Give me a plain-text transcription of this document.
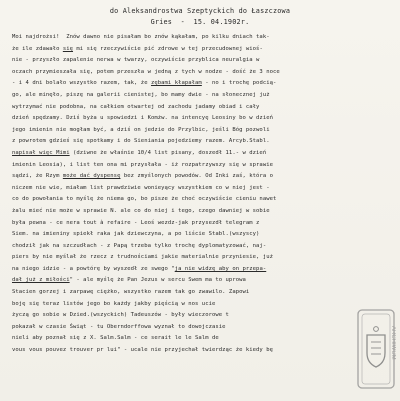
do Aleksandrostwa Szeptyckich do Łaszczowa
Gries  -  15. 04.1902r.
Moi najdrożsi!  Znów dawno nie pisałam bo znów kąkałam, po kilku dniach tak-
że ile zdawało się mi się rzeczywiście pić zdrowe w tej przecudownej wioś-
nie - przyszło zapalenie nerwa w twarzy, oczywiście przyblica neuralgia w
oczach przymieszała się, potem przeszła w jedną z tych w nodze - dość że 3 noce
- i 4 dni bolało wszystko razem, tak, że zębami kłapałam - no i trochę podcią-
go, ale minęło, piszę na galerii cienistej, bo mamy dwie - na słonecznej już
wytrzymać nie podobna, na całkiem otwartej od zachodu jadamy obiad i cały
dzień spędzamy. Dziś byża u spowiedzi i Komżw. na intencyę Leosiny bo w dzień
jego imienin nie mogłam być, a dziś on jedzie do Przylbic, jeśli Bóg pozwoli
z powrotem gdzieś się spotkamy i do Sieniania pojedziemy razem. Arcyb.Stabl.
napisał więc Mimi (dziwne że właśnie 10/4 list pisany, doszedł 11.- w dzień
imienin Leosia), i list ten ona mi przysłała - iż rozpatrzywszy się w sprawie
sądzi, że Rzym może dać dyspensę bez zmyślonych powodów. Od Inki zaś, która o
niczem nie wie, miałam list prawdziwie wonieyący wszystkiem co w niej jest -
co do powołania to myślę że niema go, bo pisze że choć oczywiście cieniu nawet
żalu mieć nie może w sprawie N. ale co do niej i tego, czego dawniej w sobie
była pewna - ce nera tout à refaire - Leoś wezdz-jak przysezdł telegram z
Siem. na imieniny spiekł raka jak dziewczyna, a po liście Stabl.(wszyscy)
chodził jak na szczudłach - z Papą trzeba tylko trochę dyplomatyzować, naj-
piers by nie myślał że rzecz z trudnościami jakie materialnie przyniesie, już
na niego idzie - a powtórę by wyszedł ze swego "ja nie widzę aby on przepa-
dał już z miłości" - ale myślę że Pan Jezus w sercu Swem ma to uprowa
Stacien gorzej i zarpawę ciężko, wszystko razem tak go zwawilo. Zapowi
boję się teraz listów jego bo każdy jakby pięścią w nos ucie
życzą go sobie w Dzied.(wszyckich) Tadeuszów - były wieczorowe t
pokazał w czasie Świąt - tu Oberndorffowa wyznał to dowojczasie
nieli aby poznał się z X. Salm.Salm - ce serait le le Salm de
vous vous pouvez trouver pr lui" - ucale nie przyjechał twierdząc że kiedy bę	ARCHIWUM
